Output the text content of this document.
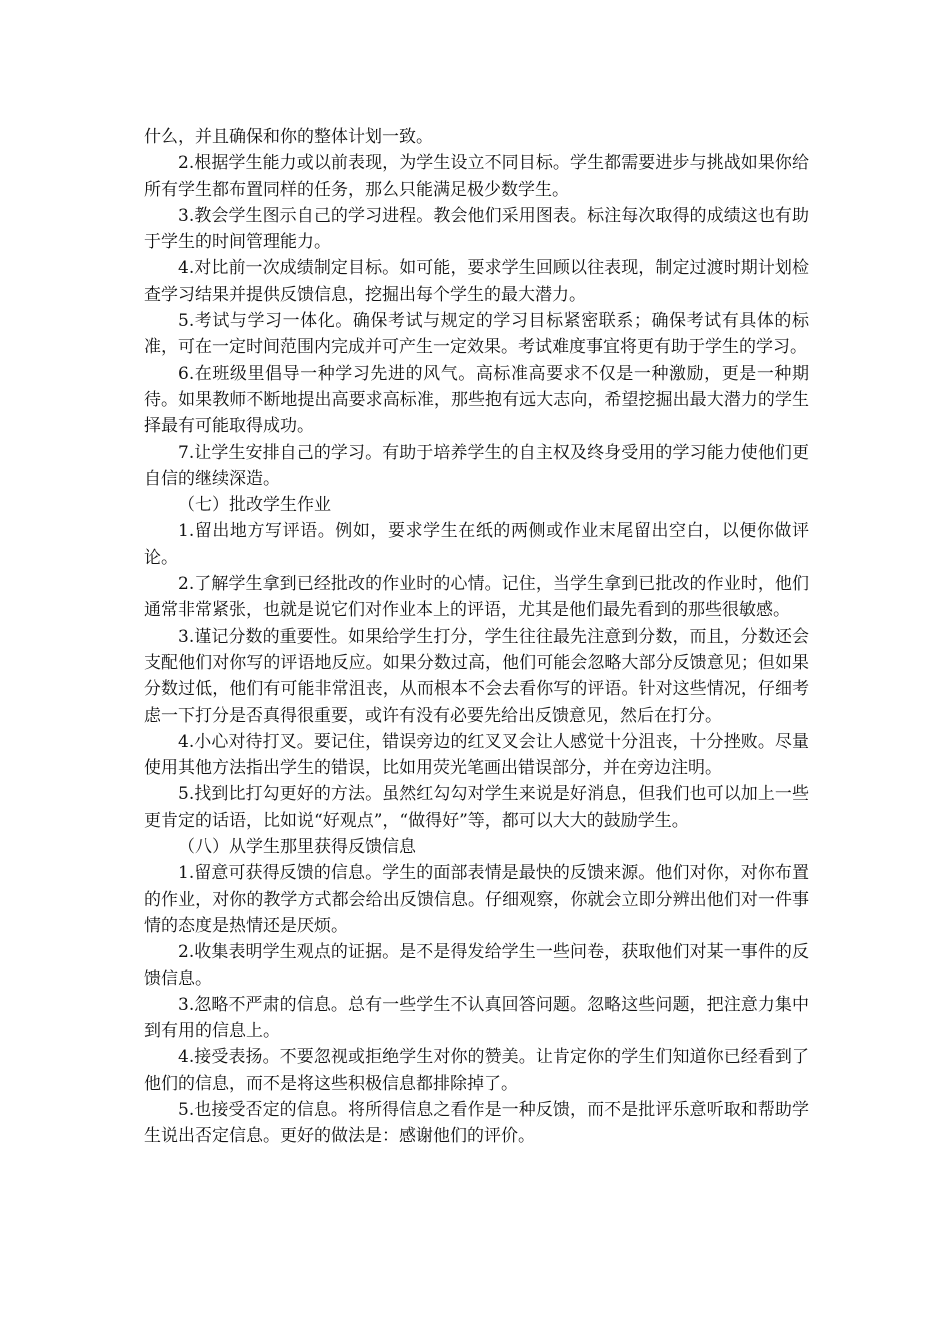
什么，并且确保和你的整体计划一致。

2.根据学生能力或以前表现，为学生设立不同目标。学生都需要进步与挑战如果你给所有学生都布置同样的任务，那么只能满足极少数学生。

3.教会学生图示自己的学习进程。教会他们采用图表。标注每次取得的成绩这也有助于学生的时间管理能力。

4.对比前一次成绩制定目标。如可能，要求学生回顾以往表现，制定过渡时期计划检查学习结果并提供反馈信息，挖掘出每个学生的最大潜力。

5.考试与学习一体化。确保考试与规定的学习目标紧密联系；确保考试有具体的标准，可在一定时间范围内完成并可产生一定效果。考试难度事宜将更有助于学生的学习。

6.在班级里倡导一种学习先进的风气。高标准高要求不仅是一种激励，更是一种期待。如果教师不断地提出高要求高标准，那些抱有远大志向，希望挖掘出最大潜力的学生择最有可能取得成功。

7.让学生安排自己的学习。有助于培养学生的自主权及终身受用的学习能力使他们更自信的继续深造。

（七）批改学生作业

1.留出地方写评语。例如，要求学生在纸的两侧或作业末尾留出空白，以便你做评论。

2.了解学生拿到已经批改的作业时的心情。记住，当学生拿到已批改的作业时，他们通常非常紧张，也就是说它们对作业本上的评语，尤其是他们最先看到的那些很敏感。

3.谨记分数的重要性。如果给学生打分，学生往往最先注意到分数，而且，分数还会支配他们对你写的评语地反应。如果分数过高，他们可能会忽略大部分反馈意见；但如果分数过低，他们有可能非常沮丧，从而根本不会去看你写的评语。针对这些情况，仔细考虑一下打分是否真得很重要，或许有没有必要先给出反馈意见，然后在打分。

4.小心对待打叉。要记住，错误旁边的红叉叉会让人感觉十分沮丧，十分挫败。尽量使用其他方法指出学生的错误，比如用荧光笔画出错误部分，并在旁边注明。

5.找到比打勾更好的方法。虽然红勾勾对学生来说是好消息，但我们也可以加上一些更肯定的话语，比如说“好观点”，“做得好”等，都可以大大的鼓励学生。

（八）从学生那里获得反馈信息

1.留意可获得反馈的信息。学生的面部表情是最快的反馈来源。他们对你，对你布置的作业，对你的教学方式都会给出反馈信息。仔细观察，你就会立即分辨出他们对一件事情的态度是热情还是厌烦。

2.收集表明学生观点的证据。是不是得发给学生一些问卷，获取他们对某一事件的反馈信息。

3.忽略不严肃的信息。总有一些学生不认真回答问题。忽略这些问题，把注意力集中到有用的信息上。

4.接受表扬。不要忽视或拒绝学生对你的赞美。让肯定你的学生们知道你已经看到了他们的信息，而不是将这些积极信息都排除掉了。

5.也接受否定的信息。将所得信息之看作是一种反馈，而不是批评乐意听取和帮助学生说出否定信息。更好的做法是：感谢他们的评价。
